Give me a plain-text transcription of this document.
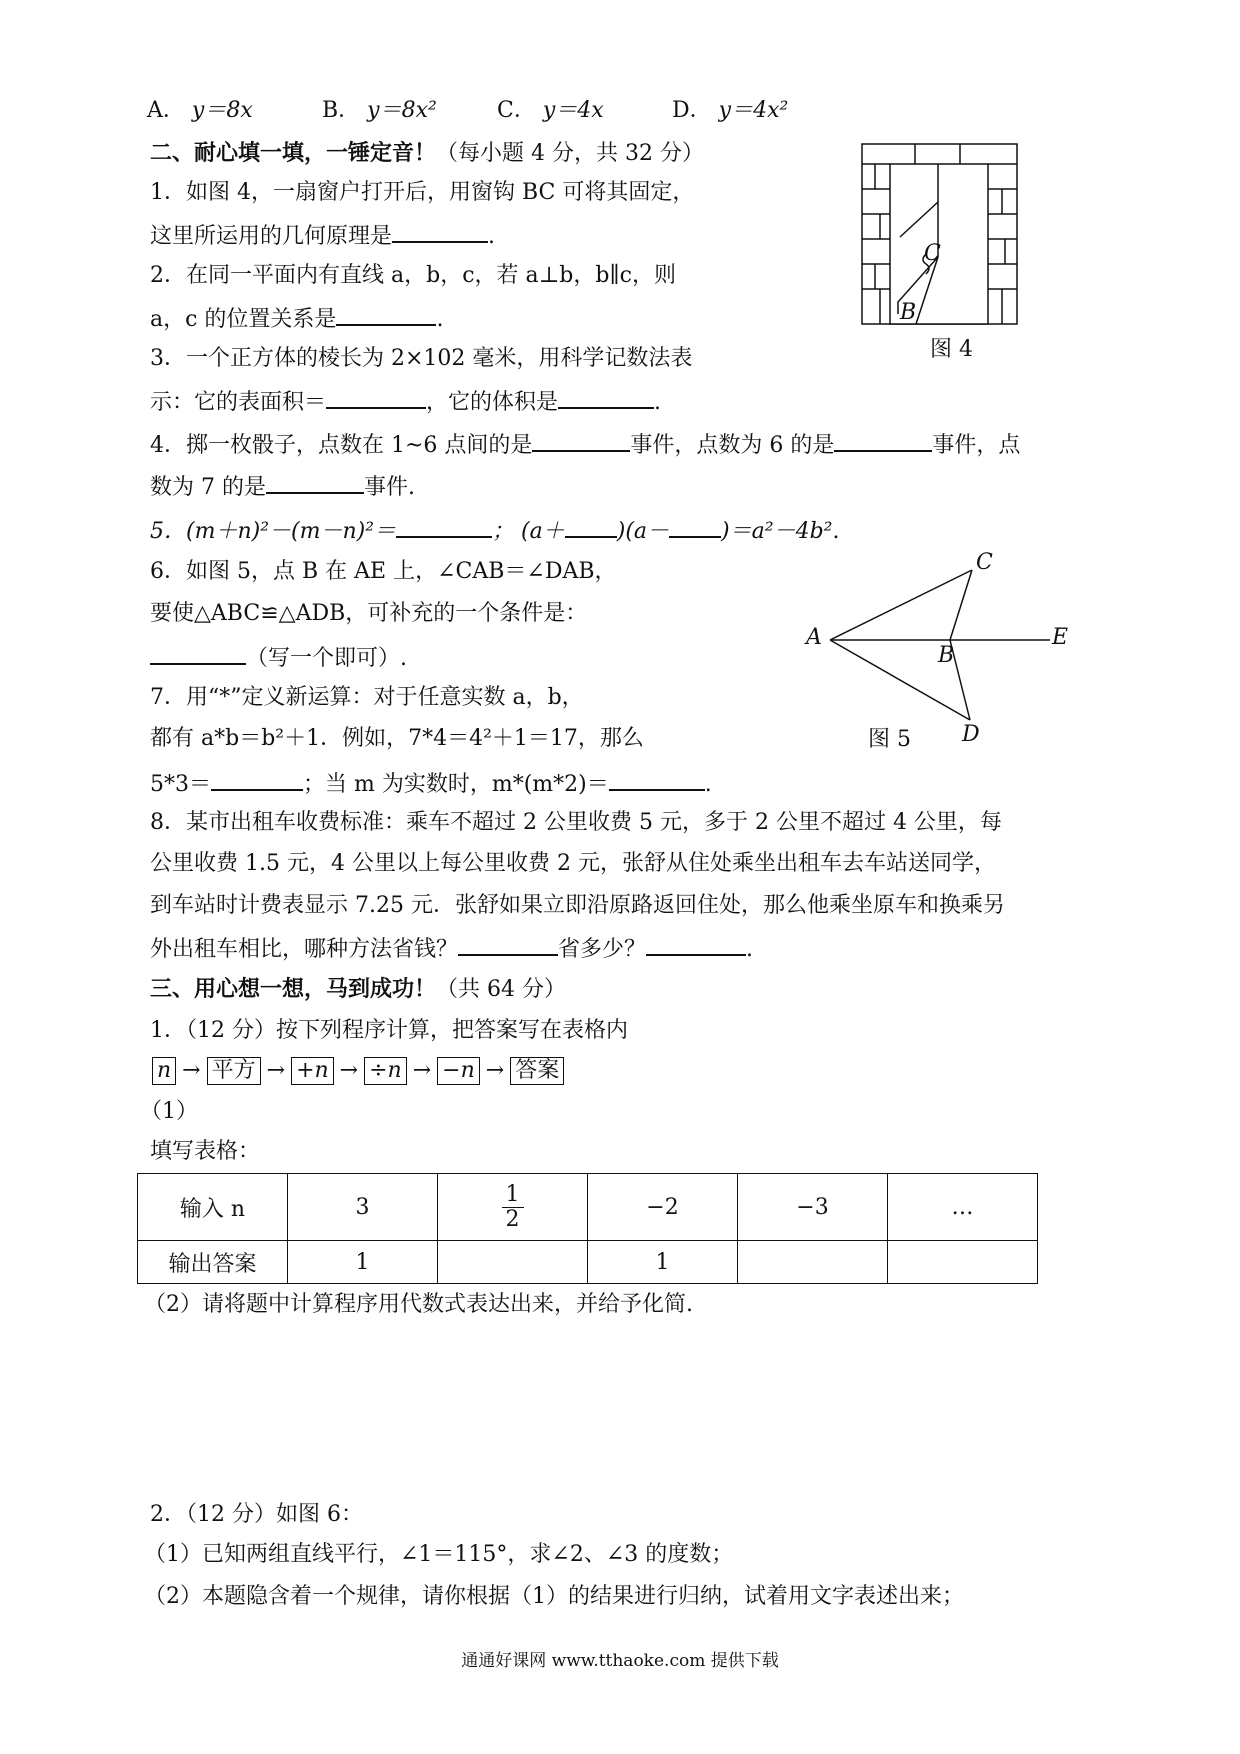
A． y＝8x	B． y＝8x²	C． y＝4x	D． y＝4x²
二、耐心填一填，一锤定音！（每小题 4 分，共 32 分）
1．如图 4，一扇窗户打开后，用窗钩 BC 可将其固定，
这里所运用的几何原理是	.
2．在同一平面内有直线 a，b，c，若 a⊥b，b∥c，则
a，c 的位置关系是	.
3．一个正方体的棱长为 2×102 毫米，用科学记数法表
示：它的表面积＝	，它的体积是	.
4．掷一枚骰子，点数在 1~6 点间的是	事件，点数为 6 的是	事件，点
数为 7 的是	事件.
5．(m＋n)²－(m－n)²＝	； (a＋ )(a－ )＝a²－4b².
6．如图 5，点 B 在 AE 上，∠CAB＝∠DAB，
要使△ABC≌△ADB，可补充的一个条件是：
（写一个即可）.
7．用“*”定义新运算：对于任意实数 a，b，
都有 a*b＝b²＋1．例如，7*4＝4²＋1＝17，那么
5*3＝	；当 m 为实数时，m*(m*2)＝	.
8．某市出租车收费标准：乘车不超过 2 公里收费 5 元，多于 2 公里不超过 4 公里，每
公里收费 1.5 元，4 公里以上每公里收费 2 元，张舒从住处乘坐出租车去车站送同学，
到车站时计费表显示 7.25 元．张舒如果立即沿原路返回住处，那么他乘坐原车和换乘另
外出租车相比，哪种方法省钱？	省多少？	.
C
B
图 4
A
B
C
D
E
图 5
三、用心想一想，马到成功！（共 64 分）
1．（12 分）按下列程序计算，把答案写在表格内
n → 平方 → +n → ÷n → −n → 答案
（1）
填写表格：
输入 n	3	$\frac{1}{2}$	−2	−3	…
输出答案	1		1		
（2）请将题中计算程序用代数式表达出来，并给予化简.
2．（12 分）如图 6：
（1）已知两组直线平行，∠1＝115°，求∠2、∠3 的度数；
（2）本题隐含着一个规律，请你根据（1）的结果进行归纳，试着用文字表述出来；
通通好课网 www.tthaoke.com 提供下载
